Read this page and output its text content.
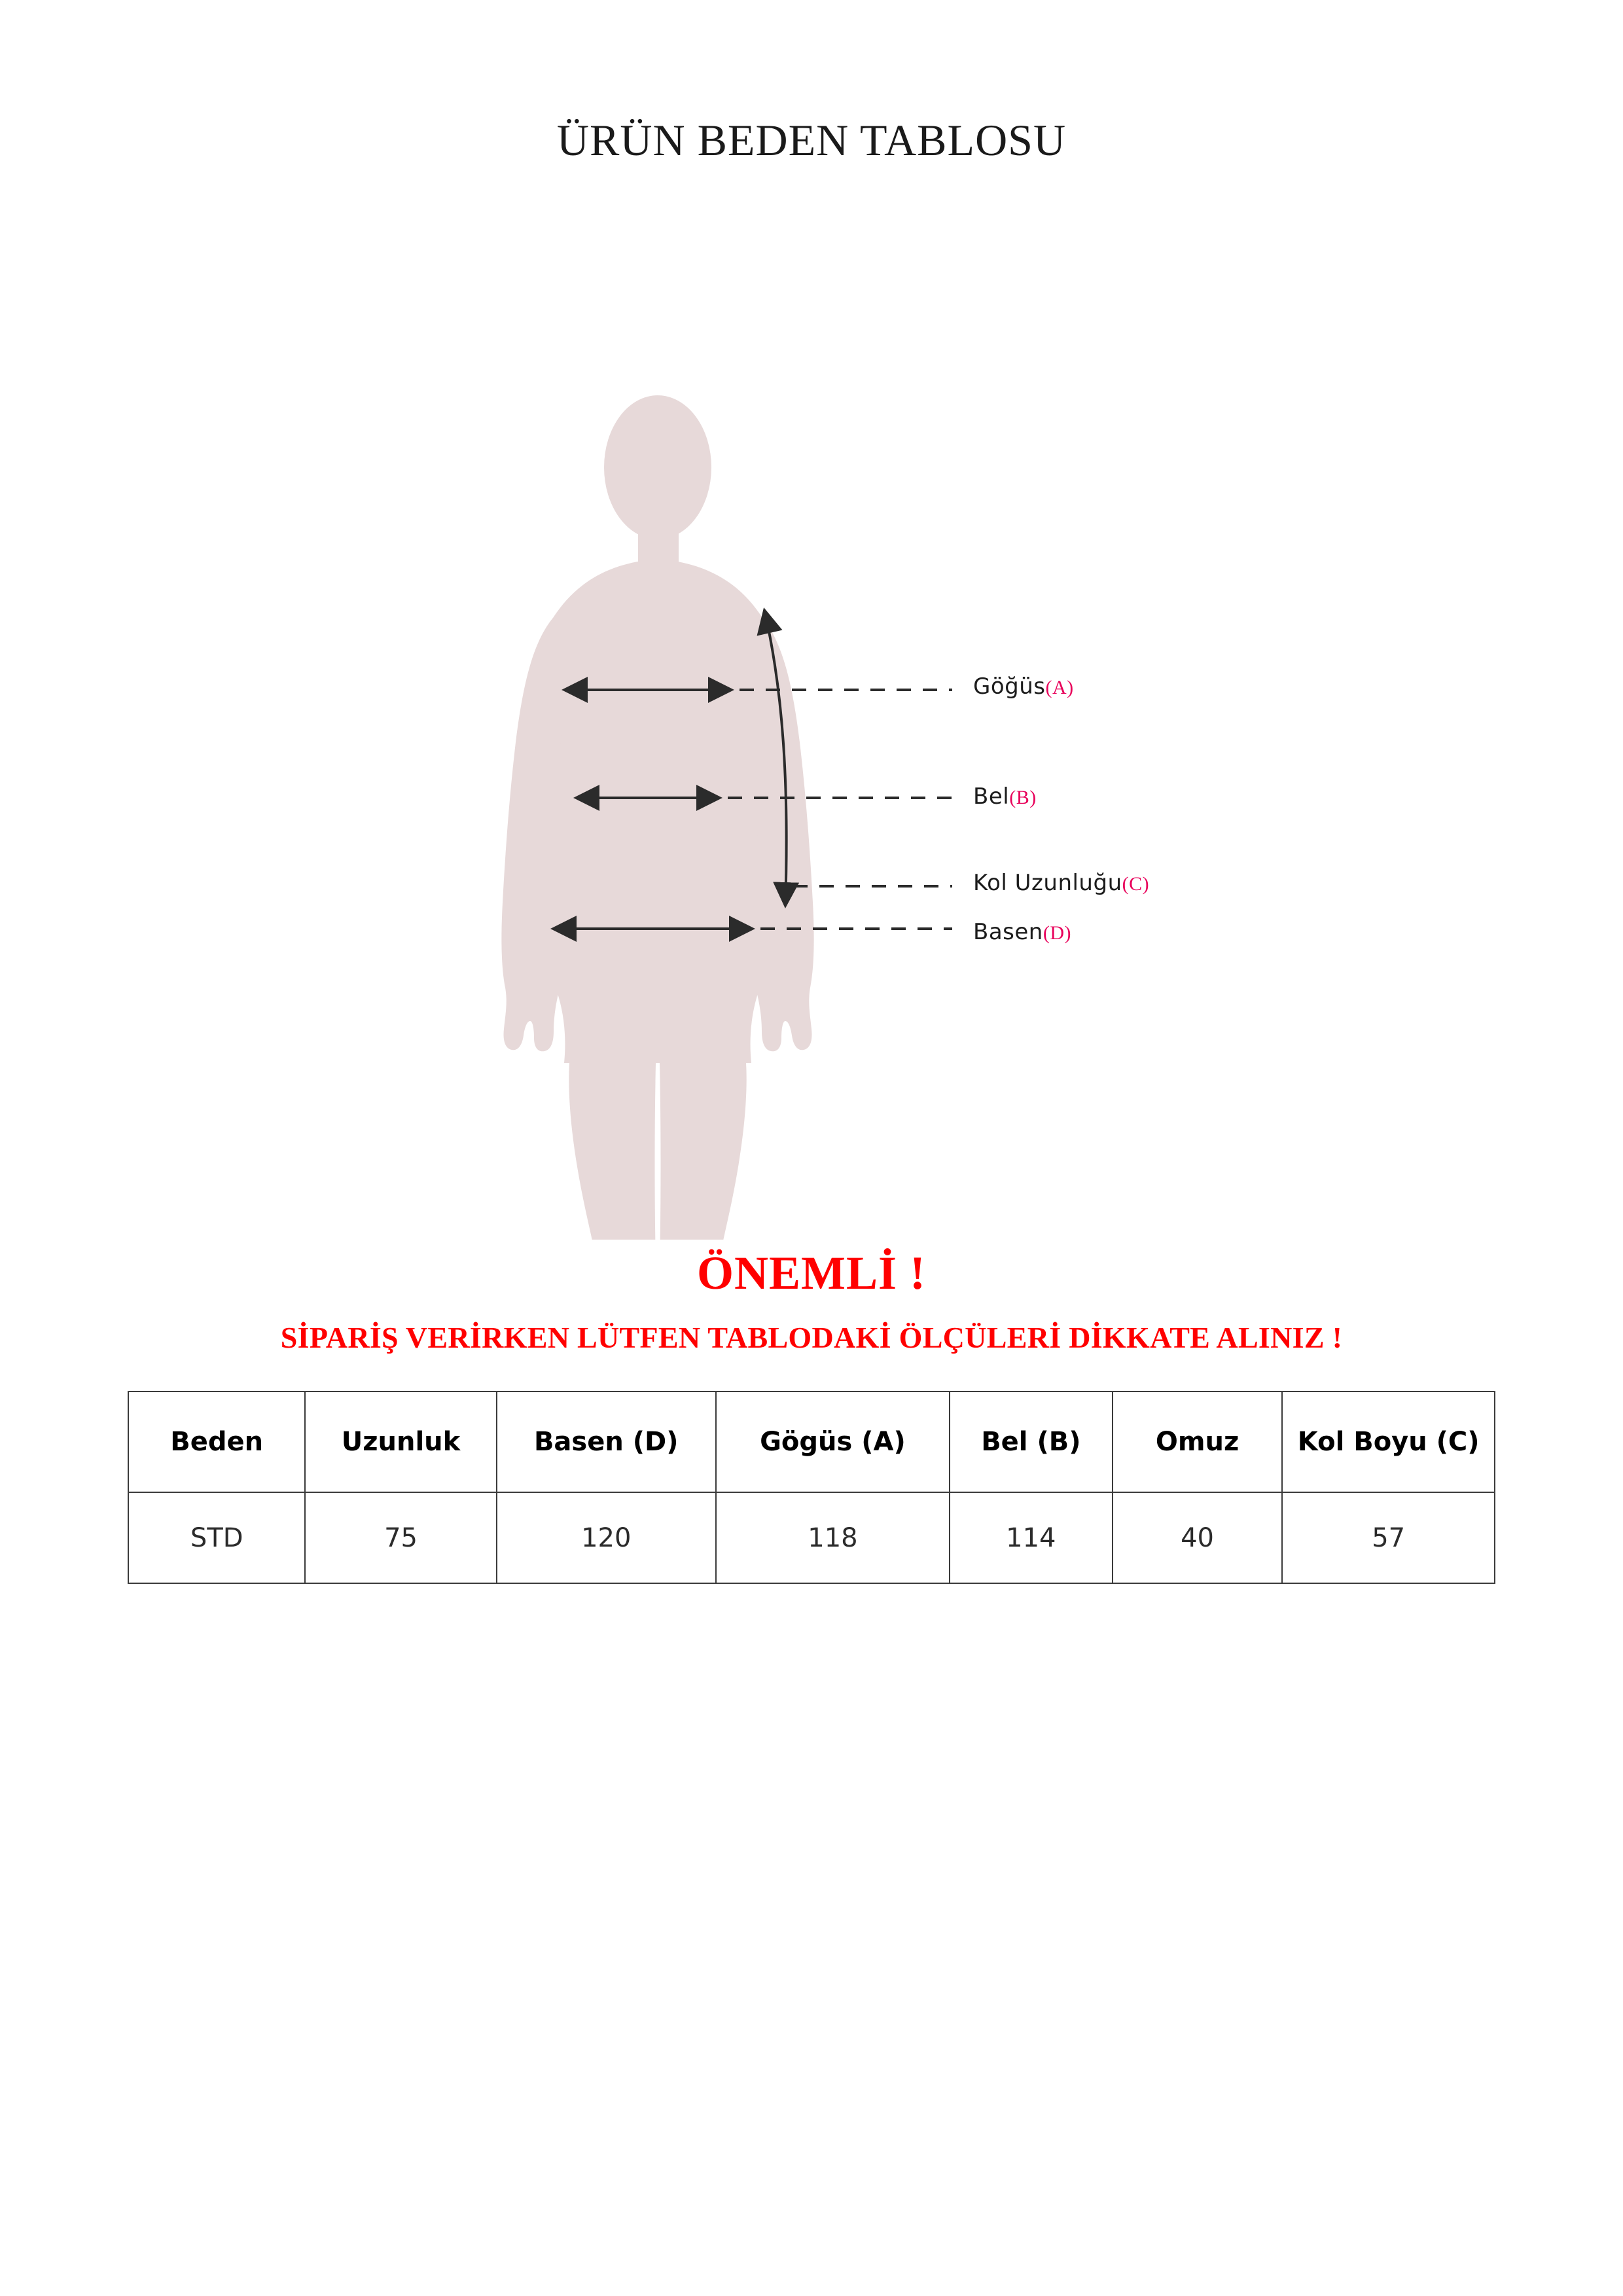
ÜRÜN BEDEN TABLOSU
Göğüs(A)
Bel(B)
Kol Uzunluğu(C)
Basen(D)

ÖNEMLİ !

SİPARİŞ VERİRKEN LÜTFEN TABLODAKİ ÖLÇÜLERİ DİKKATE ALINIZ !

Beden	Uzunluk	Basen (D)	Gögüs (A)	Bel (B)	Omuz	Kol Boyu (C)
STD	75	120	118	114	40	57
